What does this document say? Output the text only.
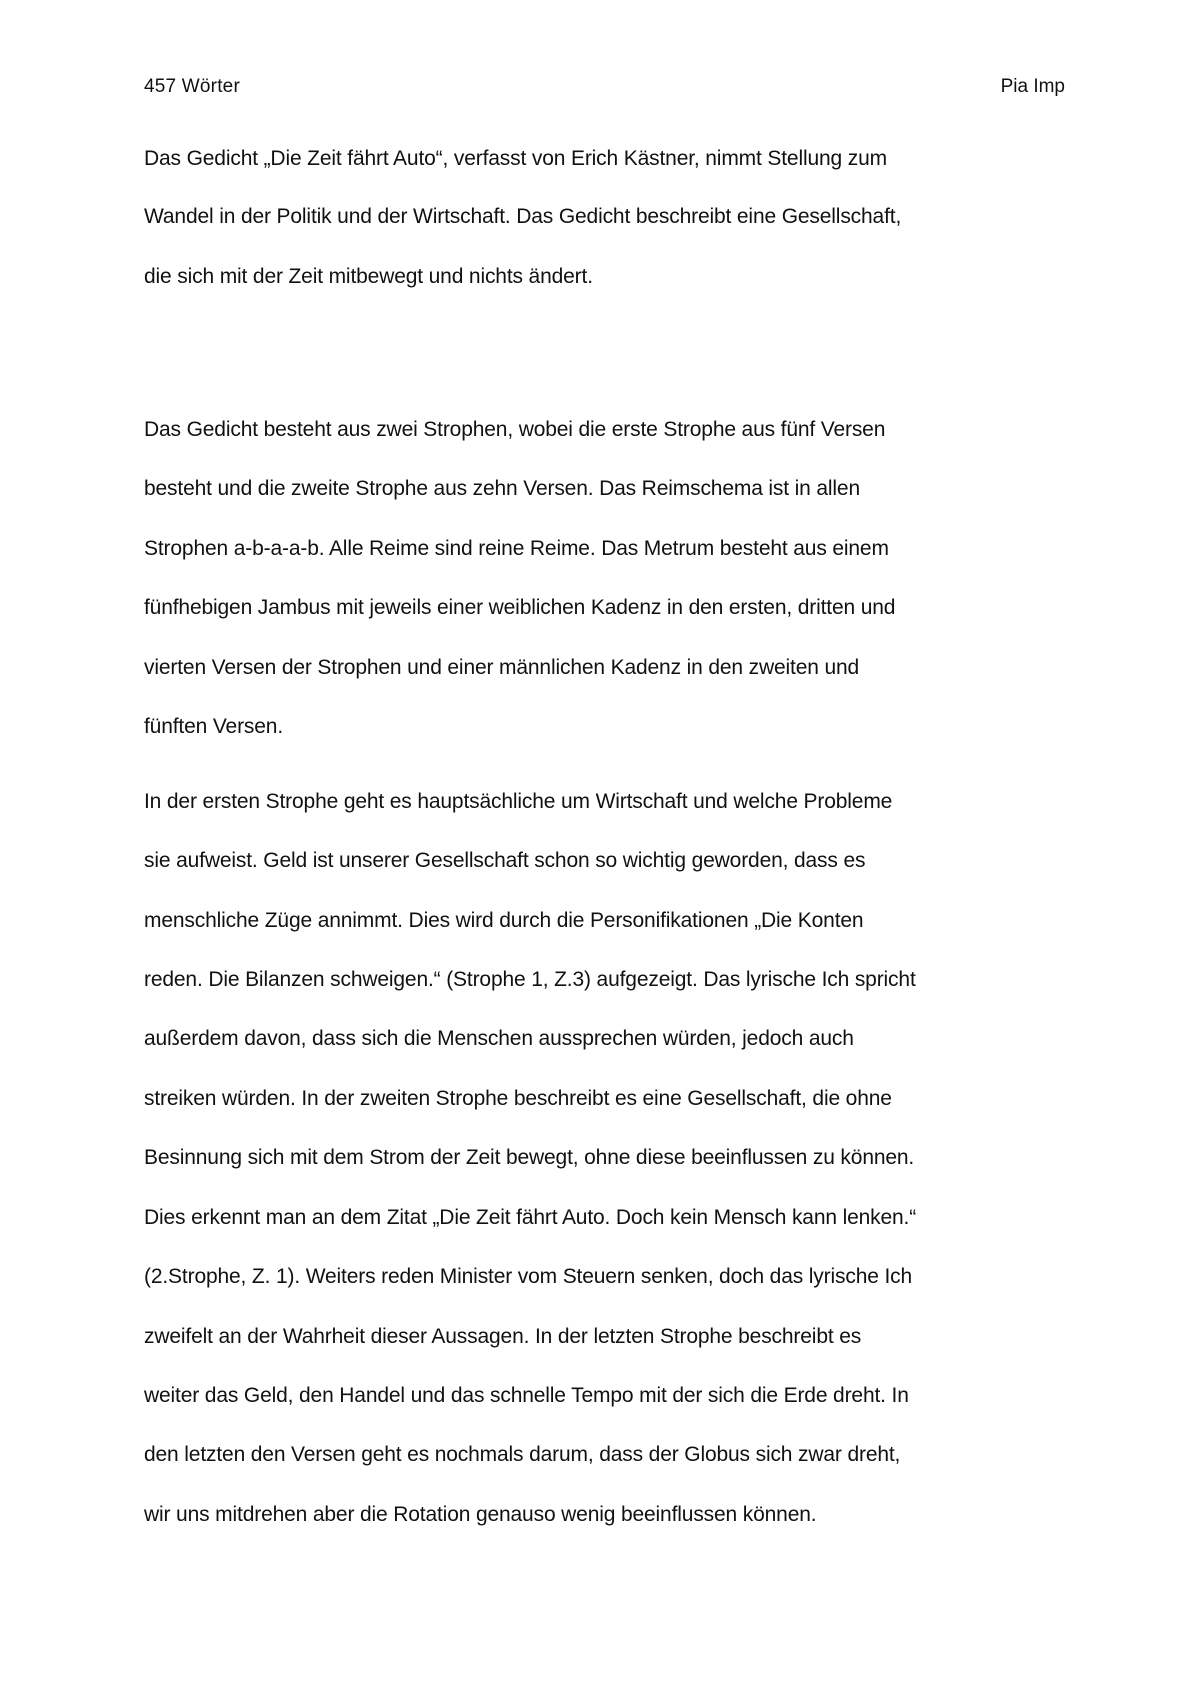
457 Wörter	Pia Imp
Das Gedicht „Die Zeit fährt Auto“, verfasst von Erich Kästner, nimmt Stellung zum
Wandel in der Politik und der Wirtschaft. Das Gedicht beschreibt eine Gesellschaft,
die sich mit der Zeit mitbewegt und nichts ändert.
Das Gedicht besteht aus zwei Strophen, wobei die erste Strophe aus fünf Versen
besteht und die zweite Strophe aus zehn Versen. Das Reimschema ist in allen
Strophen a-b-a-a-b. Alle Reime sind reine Reime. Das Metrum besteht aus einem
fünfhebigen Jambus mit jeweils einer weiblichen Kadenz in den ersten, dritten und
vierten Versen der Strophen und einer männlichen Kadenz in den zweiten und
fünften Versen.
In der ersten Strophe geht es hauptsächliche um Wirtschaft und welche Probleme
sie aufweist. Geld ist unserer Gesellschaft schon so wichtig geworden, dass es
menschliche Züge annimmt. Dies wird durch die Personifikationen „Die Konten
reden. Die Bilanzen schweigen.“ (Strophe 1, Z.3) aufgezeigt. Das lyrische Ich spricht
außerdem davon, dass sich die Menschen aussprechen würden, jedoch auch
streiken würden. In der zweiten Strophe beschreibt es eine Gesellschaft, die ohne
Besinnung sich mit dem Strom der Zeit bewegt, ohne diese beeinflussen zu können.
Dies erkennt man an dem Zitat „Die Zeit fährt Auto. Doch kein Mensch kann lenken.“
(2.Strophe, Z. 1). Weiters reden Minister vom Steuern senken, doch das lyrische Ich
zweifelt an der Wahrheit dieser Aussagen. In der letzten Strophe beschreibt es
weiter das Geld, den Handel und das schnelle Tempo mit der sich die Erde dreht. In
den letzten den Versen geht es nochmals darum, dass der Globus sich zwar dreht,
wir uns mitdrehen aber die Rotation genauso wenig beeinflussen können.
